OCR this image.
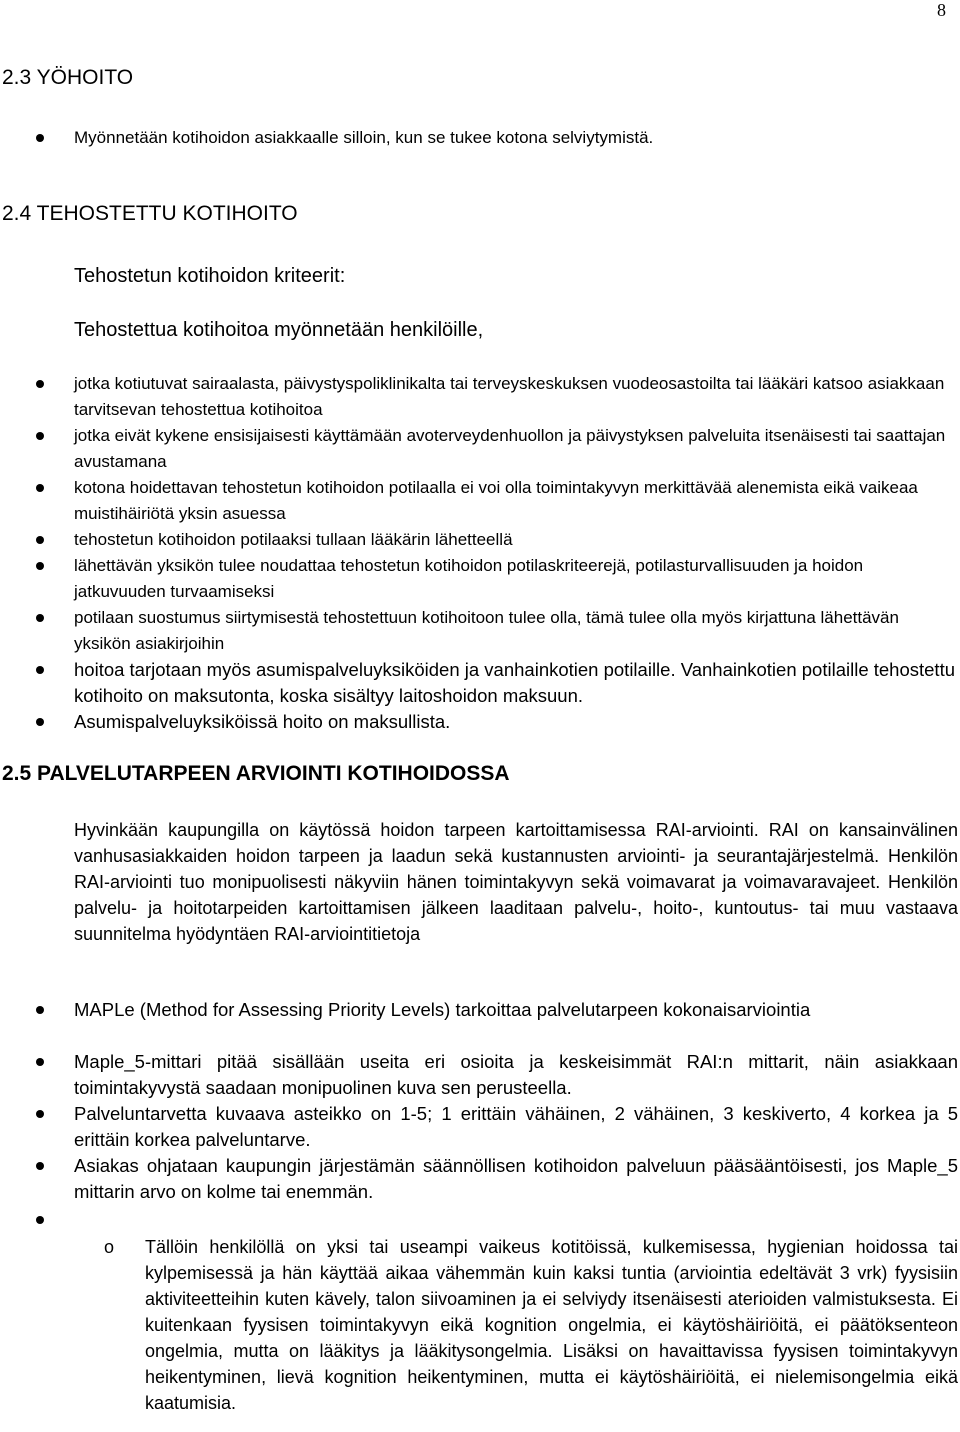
8
2.3 YÖHOITO
Myönnetään kotihoidon asiakkaalle silloin, kun se tukee kotona selviytymistä.
2.4 TEHOSTETTU KOTIHOITO
Tehostetun kotihoidon kriteerit:
Tehostettua kotihoitoa myönnetään henkilöille,
jotka kotiutuvat sairaalasta, päivystyspoliklinikalta tai terveyskeskuksen vuodeosastoilta tai lääkäri katsoo asiakkaan tarvitsevan tehostettua kotihoitoa
jotka eivät kykene ensisijaisesti käyttämään avoterveydenhuollon ja päivystyksen palveluita itsenäisesti tai saattajan avustamana
kotona hoidettavan tehostetun kotihoidon potilaalla ei voi olla toimintakyvyn merkittävää alenemista eikä vaikeaa muistihäiriötä yksin asuessa
tehostetun kotihoidon potilaaksi tullaan lääkärin lähetteellä
lähettävän yksikön tulee noudattaa tehostetun kotihoidon potilaskriteerejä, potilasturvallisuuden ja hoidon jatkuvuuden turvaamiseksi
potilaan suostumus siirtymisestä tehostettuun kotihoitoon tulee olla, tämä tulee olla myös kirjattuna lähettävän yksikön asiakirjoihin
hoitoa tarjotaan myös asumispalveluyksiköiden ja vanhainkotien potilaille. Vanhainkotien potilaille tehostettu kotihoito on maksutonta, koska sisältyy laitoshoidon maksuun.
Asumispalveluyksiköissä hoito on maksullista.
2.5 PALVELUTARPEEN ARVIOINTI KOTIHOIDOSSA
Hyvinkään kaupungilla on käytössä hoidon tarpeen kartoittamisessa RAI-arviointi. RAI on kansainvälinen vanhusasiakkaiden hoidon tarpeen ja laadun sekä kustannusten arviointi- ja seurantajärjestelmä. Henkilön RAI-arviointi tuo monipuolisesti näkyviin hänen toimintakyvyn sekä voimavarat ja voimavaravajeet. Henkilön palvelu- ja hoitotarpeiden kartoittamisen jälkeen laaditaan palvelu-, hoito-, kuntoutus- tai muu vastaava suunnitelma hyödyntäen RAI-arviointitietoja
MAPLe (Method for Assessing Priority Levels) tarkoittaa palvelutarpeen kokonaisarviointia
Maple_5-mittari pitää sisällään useita eri osioita ja keskeisimmät RAI:n mittarit, näin asiakkaan toimintakyvystä saadaan monipuolinen kuva sen perusteella.
Palveluntarvetta kuvaava asteikko on 1-5; 1 erittäin vähäinen, 2 vähäinen, 3 keskiverto, 4 korkea ja 5 erittäin korkea palveluntarve.
Asiakas ohjataan kaupungin järjestämän säännöllisen kotihoidon palveluun pääsääntöisesti, jos Maple_5 mittarin arvo on kolme tai enemmän.
o Tällöin henkilöllä on yksi tai useampi vaikeus kotitöissä, kulkemisessa, hygienian hoidossa tai kylpemisessä ja hän käyttää aikaa vähemmän kuin kaksi tuntia (arviointia edeltävät 3 vrk) fyysisiin aktiviteetteihin kuten kävely, talon siivoaminen ja ei selviydy itsenäisesti aterioiden valmistuksesta. Ei kuitenkaan fyysisen toimintakyvyn eikä kognition ongelmia, ei käytöshäiriöitä, ei päätöksenteon ongelmia, mutta on lääkitys ja lääkitysongelmia. Lisäksi on havaittavissa fyysisen toimintakyvyn heikentyminen, lievä kognition heikentyminen, mutta ei käytöshäiriöitä, ei nielemisongelmia eikä kaatumisia.
